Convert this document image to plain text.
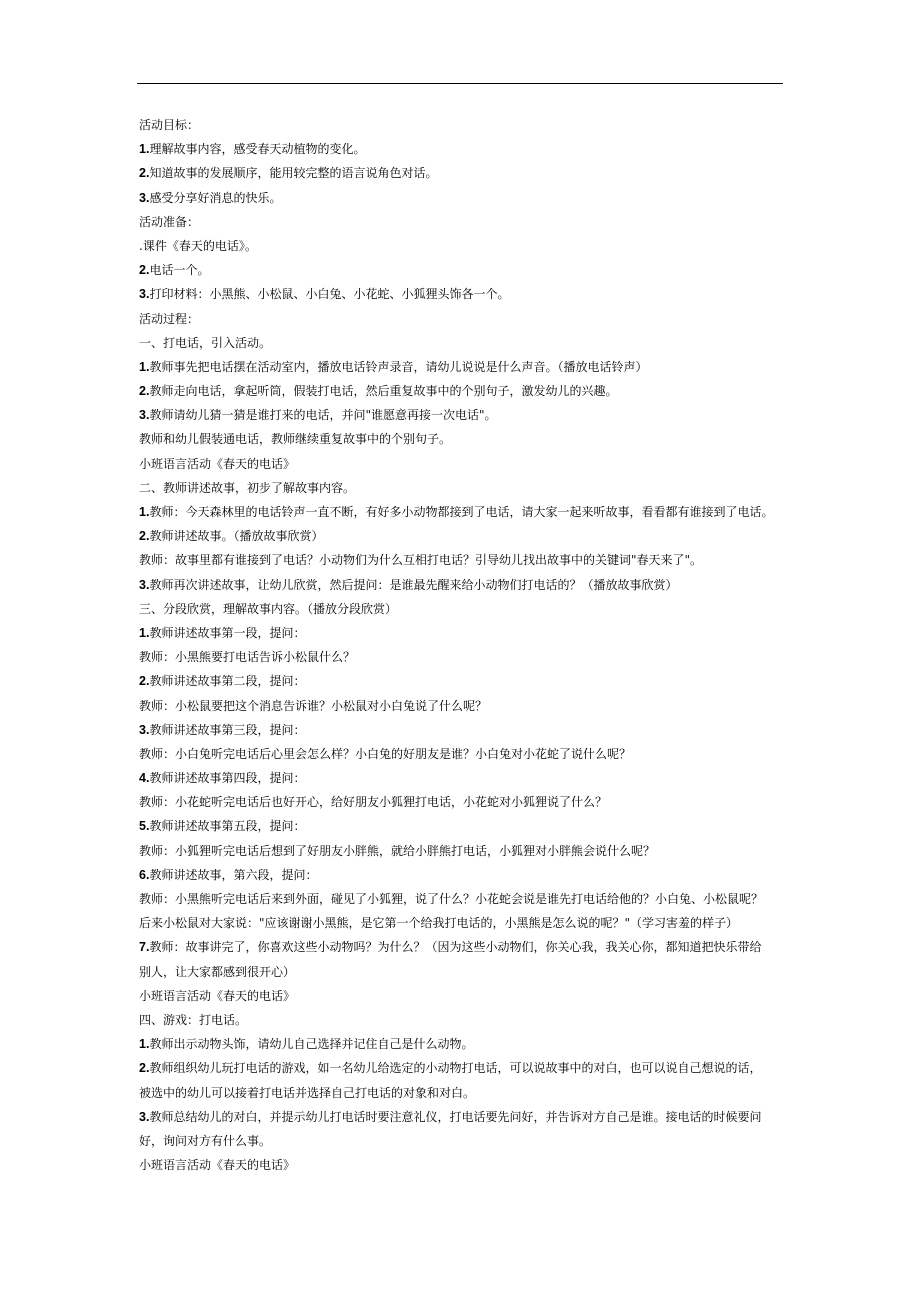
活动目标：
1.理解故事内容，感受春天动植物的变化。
2.知道故事的发展顺序，能用较完整的语言说角色对话。
3.感受分享好消息的快乐。
活动准备：
.课件《春天的电话》。
2.电话一个。
3.打印材料：小黑熊、小松鼠、小白兔、小花蛇、小狐狸头饰各一个。
活动过程：
一、打电话，引入活动。
1.教师事先把电话摆在活动室内，播放电话铃声录音，请幼儿说说是什么声音。（播放电话铃声）
2.教师走向电话，拿起听筒，假装打电话，然后重复故事中的个别句子，激发幼儿的兴趣。
3.教师请幼儿猜一猜是谁打来的电话，并问"谁愿意再接一次电话"。
教师和幼儿假装通电话，教师继续重复故事中的个别句子。
小班语言活动《春天的电话》
二、教师讲述故事，初步了解故事内容。
1.教师：今天森林里的电话铃声一直不断，有好多小动物都接到了电话，请大家一起来听故事，看看都有谁接到了电话。
2.教师讲述故事。（播放故事欣赏）
教师：故事里都有谁接到了电话？小动物们为什么互相打电话？引导幼儿找出故事中的关键词"春天来了"。
3.教师再次讲述故事，让幼儿欣赏，然后提问：是谁最先醒来给小动物们打电话的？（播放故事欣赏）
三、分段欣赏，理解故事内容。（播放分段欣赏）
1.教师讲述故事第一段，提问：
教师：小黑熊要打电话告诉小松鼠什么？
2.教师讲述故事第二段，提问：
教师：小松鼠要把这个消息告诉谁？小松鼠对小白兔说了什么呢？
3.教师讲述故事第三段，提问：
教师：小白兔听完电话后心里会怎么样？小白兔的好朋友是谁？小白兔对小花蛇了说什么呢？
4.教师讲述故事第四段，提问：
教师：小花蛇听完电话后也好开心，给好朋友小狐狸打电话，小花蛇对小狐狸说了什么？
5.教师讲述故事第五段，提问：
教师：小狐狸听完电话后想到了好朋友小胖熊，就给小胖熊打电话，小狐狸对小胖熊会说什么呢？
6.教师讲述故事，第六段，提问：
教师：小黑熊听完电话后来到外面，碰见了小狐狸，说了什么？小花蛇会说是谁先打电话给他的？小白兔、小松鼠呢？
后来小松鼠对大家说："应该谢谢小黑熊，是它第一个给我打电话的，小黑熊是怎么说的呢？"（学习害羞的样子）
7.教师：故事讲完了，你喜欢这些小动物吗？为什么？（因为这些小动物们，你关心我，我关心你，都知道把快乐带给
别人，让大家都感到很开心）
小班语言活动《春天的电话》
四、游戏：打电话。
1.教师出示动物头饰，请幼儿自己选择并记住自己是什么动物。
2.教师组织幼儿玩打电话的游戏，如一名幼儿给选定的小动物打电话，可以说故事中的对白，也可以说自己想说的话，
被选中的幼儿可以接着打电话并选择自己打电话的对象和对白。
3.教师总结幼儿的对白，并提示幼儿打电话时要注意礼仪，打电话要先问好，并告诉对方自己是谁。接电话的时候要问
好，询问对方有什么事。
小班语言活动《春天的电话》
